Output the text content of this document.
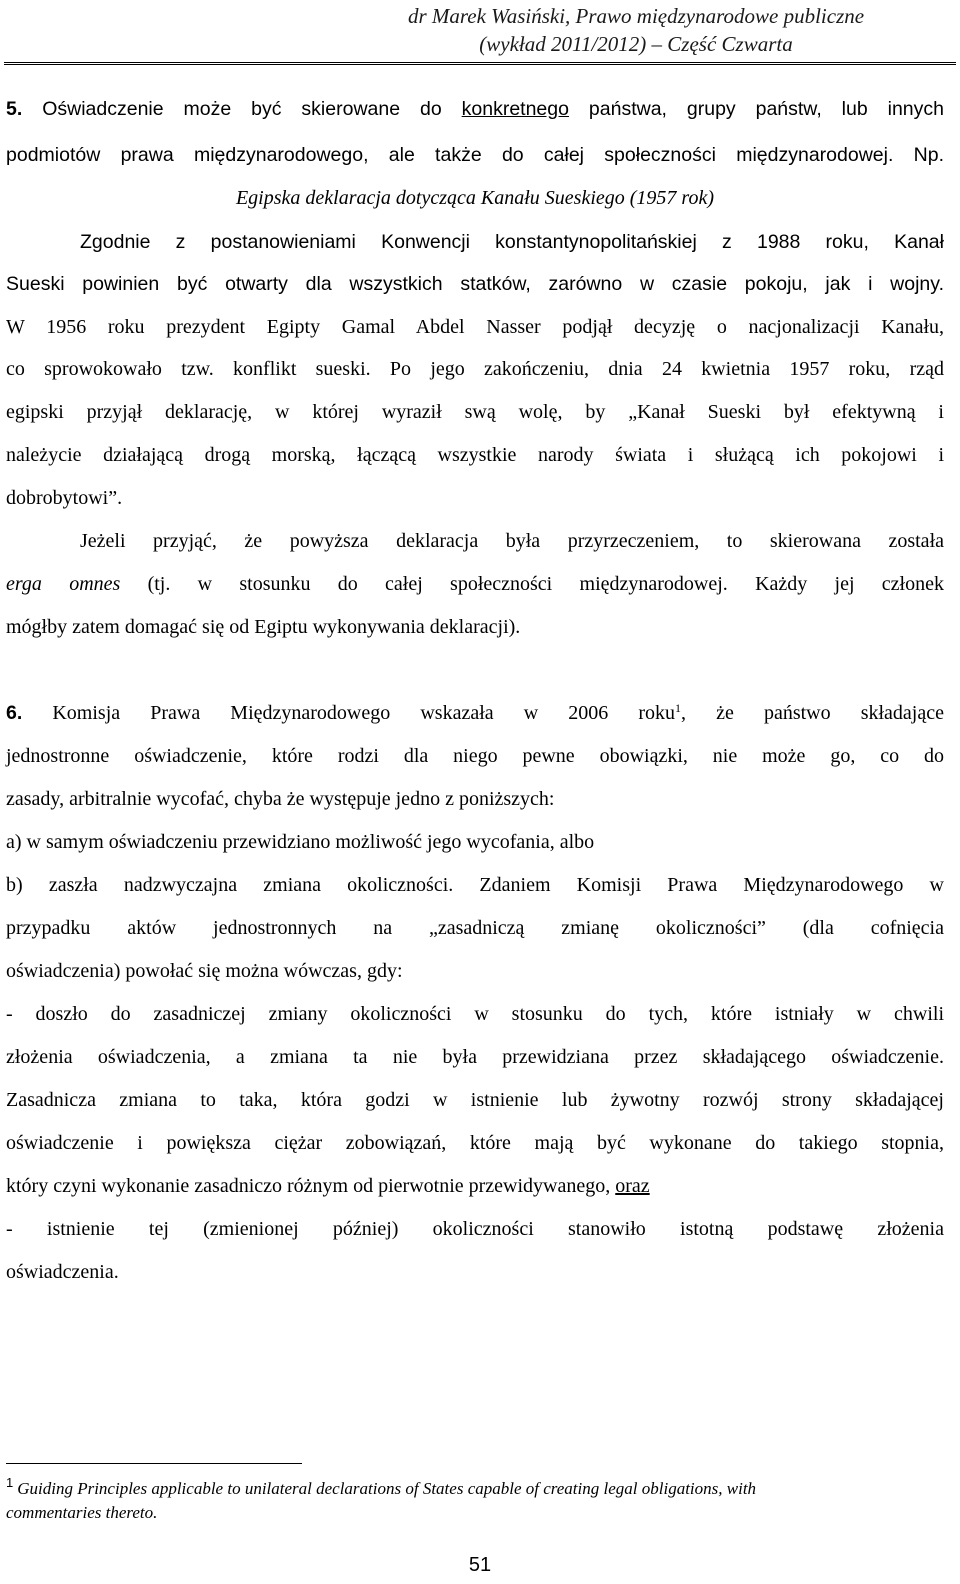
dr Marek Wasiński, Prawo międzynarodowe publiczne
(wykład 2011/2012) – Część Czwarta

5. Oświadczenie może być skierowane do konkretnego państwa, grupy państw, lub innych

podmiotów prawa międzynarodowego, ale także do całej społeczności międzynarodowej. Np.

Egipska deklaracja dotycząca Kanału Sueskiego (1957 rok)

Zgodnie z postanowieniami Konwencji konstantynopolitańskiej z 1988 roku, Kanał

Sueski powinien być otwarty dla wszystkich statków, zarówno w czasie pokoju, jak i wojny.

W 1956 roku prezydent Egipty Gamal Abdel Nasser podjął decyzję o nacjonalizacji Kanału,

co sprowokowało tzw. konflikt sueski. Po jego zakończeniu, dnia 24 kwietnia 1957 roku, rząd

egipski przyjął deklarację, w której wyraził swą wolę, by „Kanał Sueski był efektywną i

należycie działającą drogą morską, łączącą wszystkie narody świata i służącą ich pokojowi i

dobrobytowi”.

Jeżeli przyjąć, że powyższa deklaracja była przyrzeczeniem, to skierowana została

erga omnes (tj. w stosunku do całej społeczności międzynarodowej. Każdy jej członek

mógłby zatem domagać się od Egiptu wykonywania deklaracji).

6. Komisja Prawa Międzynarodowego wskazała w 2006 roku$^1$, że państwo składające

jednostronne oświadczenie, które rodzi dla niego pewne obowiązki, nie może go, co do

zasady, arbitralnie wycofać, chyba że występuje jedno z poniższych:

a) w samym oświadczeniu przewidziano możliwość jego wycofania, albo

b) zaszła nadzwyczajna zmiana okoliczności. Zdaniem Komisji Prawa Międzynarodowego w

przypadku aktów jednostronnych na „zasadniczą zmianę okoliczności” (dla cofnięcia

oświadczenia) powołać się można wówczas, gdy:

- doszło do zasadniczej zmiany okoliczności w stosunku do tych, które istniały w chwili

złożenia oświadczenia, a zmiana ta nie była przewidziana przez składającego oświadczenie.

Zasadnicza zmiana to taka, która godzi w istnienie lub żywotny rozwój strony składającej

oświadczenie i powiększa ciężar zobowiązań, które mają być wykonane do takiego stopnia,

który czyni wykonanie zasadniczo różnym od pierwotnie przewidywanego, oraz

- istnienie tej (zmienionej później) okoliczności stanowiło istotną podstawę złożenia

oświadczenia.

$^1$ Guiding Principles applicable to unilateral declarations of States capable of creating legal obligations, with
commentaries thereto.
51
